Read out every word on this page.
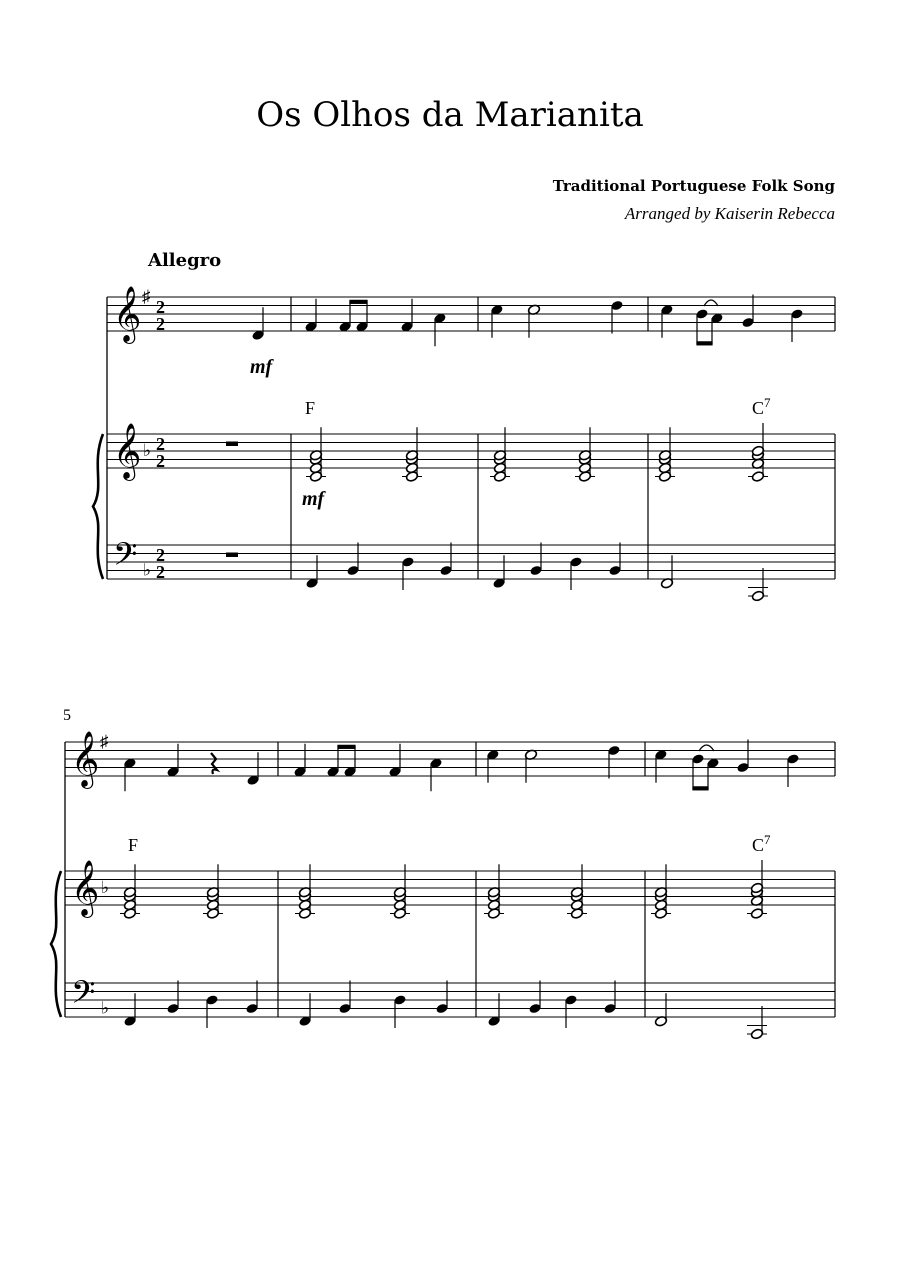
Os Olhos da Marianita
Traditional Portuguese Folk Song
Arranged by Kaiserin Rebecca
Allegro
𝄞
𝄞
𝄢
♯
♭
♭
2
2
2
2
2
2
mf
mf
F	$C^7$
𝄞
𝄞
𝄢
♯
♭
♭
5
F	$C^7$
